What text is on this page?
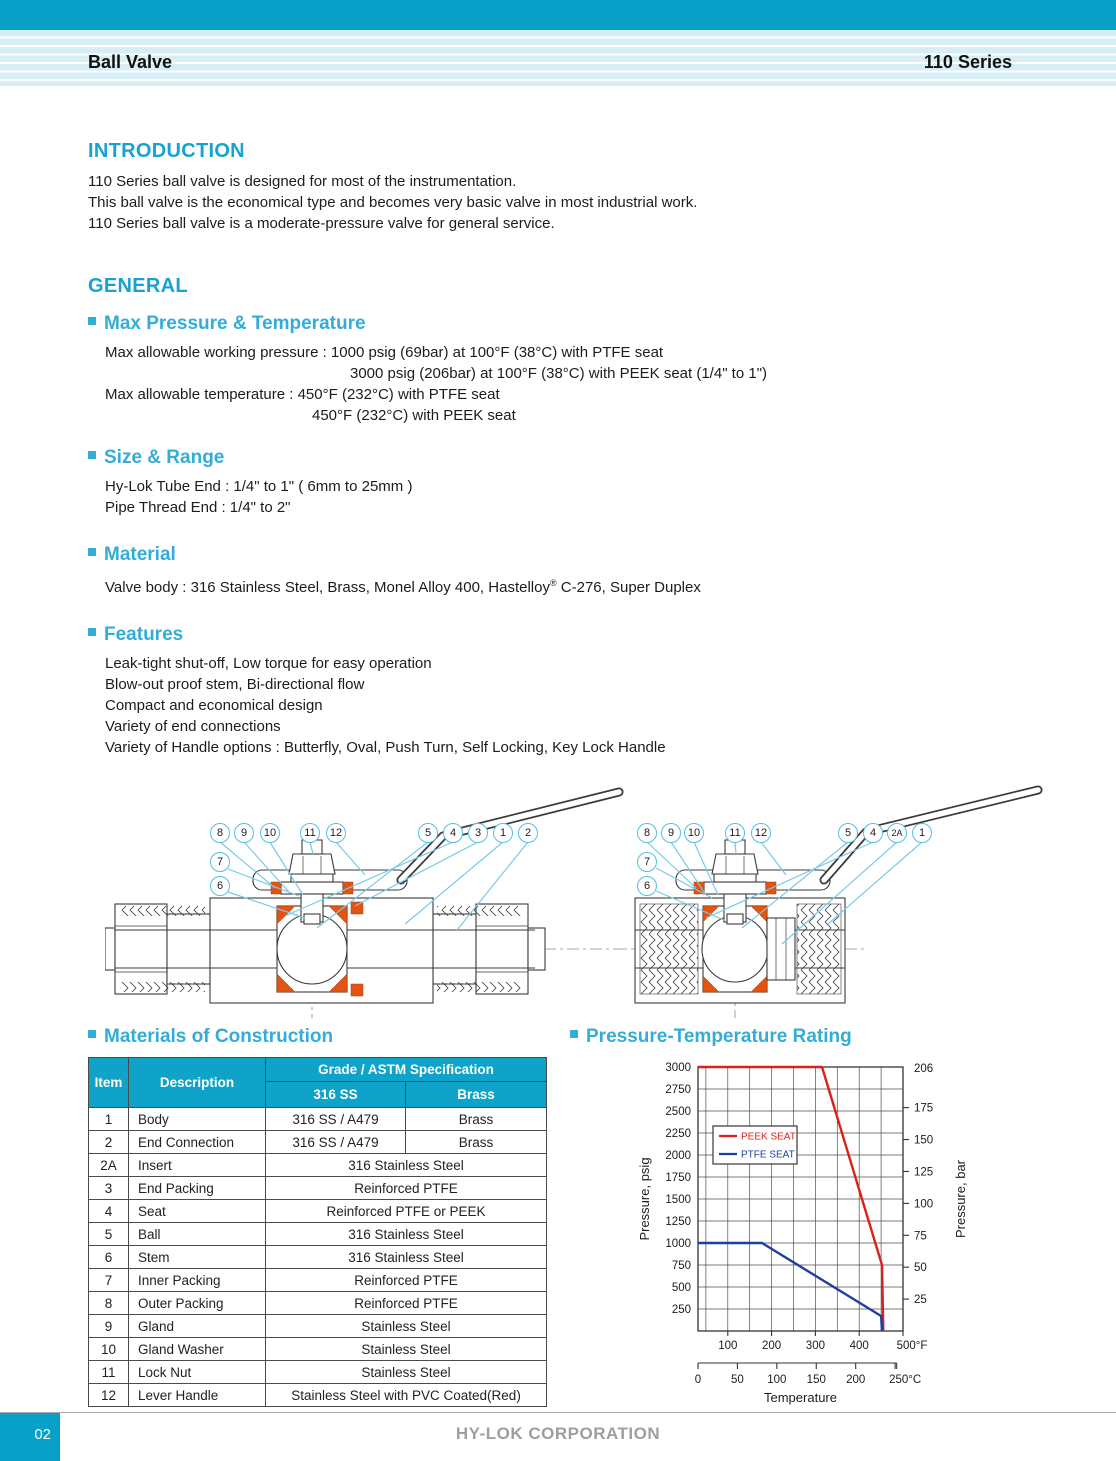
Ball Valve	110 Series
INTRODUCTION
110 Series ball valve is designed for most of the instrumentation.
This ball valve is the economical type and becomes very basic valve in most industrial work.
110 Series ball valve is a moderate-pressure valve for general service.
GENERAL
Max Pressure & Temperature
Max allowable working pressure : 1000 psig (69bar) at 100°F (38°C) with PTFE seat
3000 psig (206bar) at 100°F (38°C) with PEEK seat (1/4" to 1")
Max allowable temperature : 450°F (232°C) with PTFE seat
450°F (232°C) with PEEK seat
Size & Range
Hy-Lok Tube End : 1/4" to 1" ( 6mm to 25mm )
Pipe Thread End : 1/4" to 2"
Material
Valve body : 316 Stainless Steel, Brass, Monel Alloy 400, Hastelloy® C-276, Super Duplex
Features
Leak-tight shut-off, Low torque for easy operation
Blow-out proof stem, Bi-directional flow
Compact and economical design
Variety of end connections
Variety of Handle options : Butterfly, Oval, Push Turn, Self Locking, Key Lock Handle
8	9	10	11	12	5	4	3	1	2
7
6
8	9	10	11	12	5	4	2A	1
7
6
Materials of Construction
Item	Description	Grade / ASTM Specification	
		316 SS	Brass
1	Body	316 SS / A479	Brass
2	End Connection	316 SS / A479	Brass
2A	Insert	316 Stainless Steel	
3	End Packing	Reinforced PTFE	
4	Seat	Reinforced PTFE or PEEK	
5	Ball	316 Stainless Steel	
6	Stem	316 Stainless Steel	
7	Inner Packing	Reinforced PTFE	
8	Outer Packing	Reinforced PTFE	
9	Gland	Stainless Steel	
10	Gland Washer	Stainless Steel	
11	Lock Nut	Stainless Steel	
12	Lever Handle	Stainless Steel with PVC Coated(Red)	
Pressure-Temperature Rating
250
500
750
1000
1250
1500
1750
2000
2250
2500
2750
3000
25
50
75
100
125
150
175
206
100 200 300 400 500°F
0	50 100 150 200 250°C
Temperature
PEEK SEAT
PTFE SEAT
Pressure, psig	Pressure, bar
02	HY-LOK CORPORATION
